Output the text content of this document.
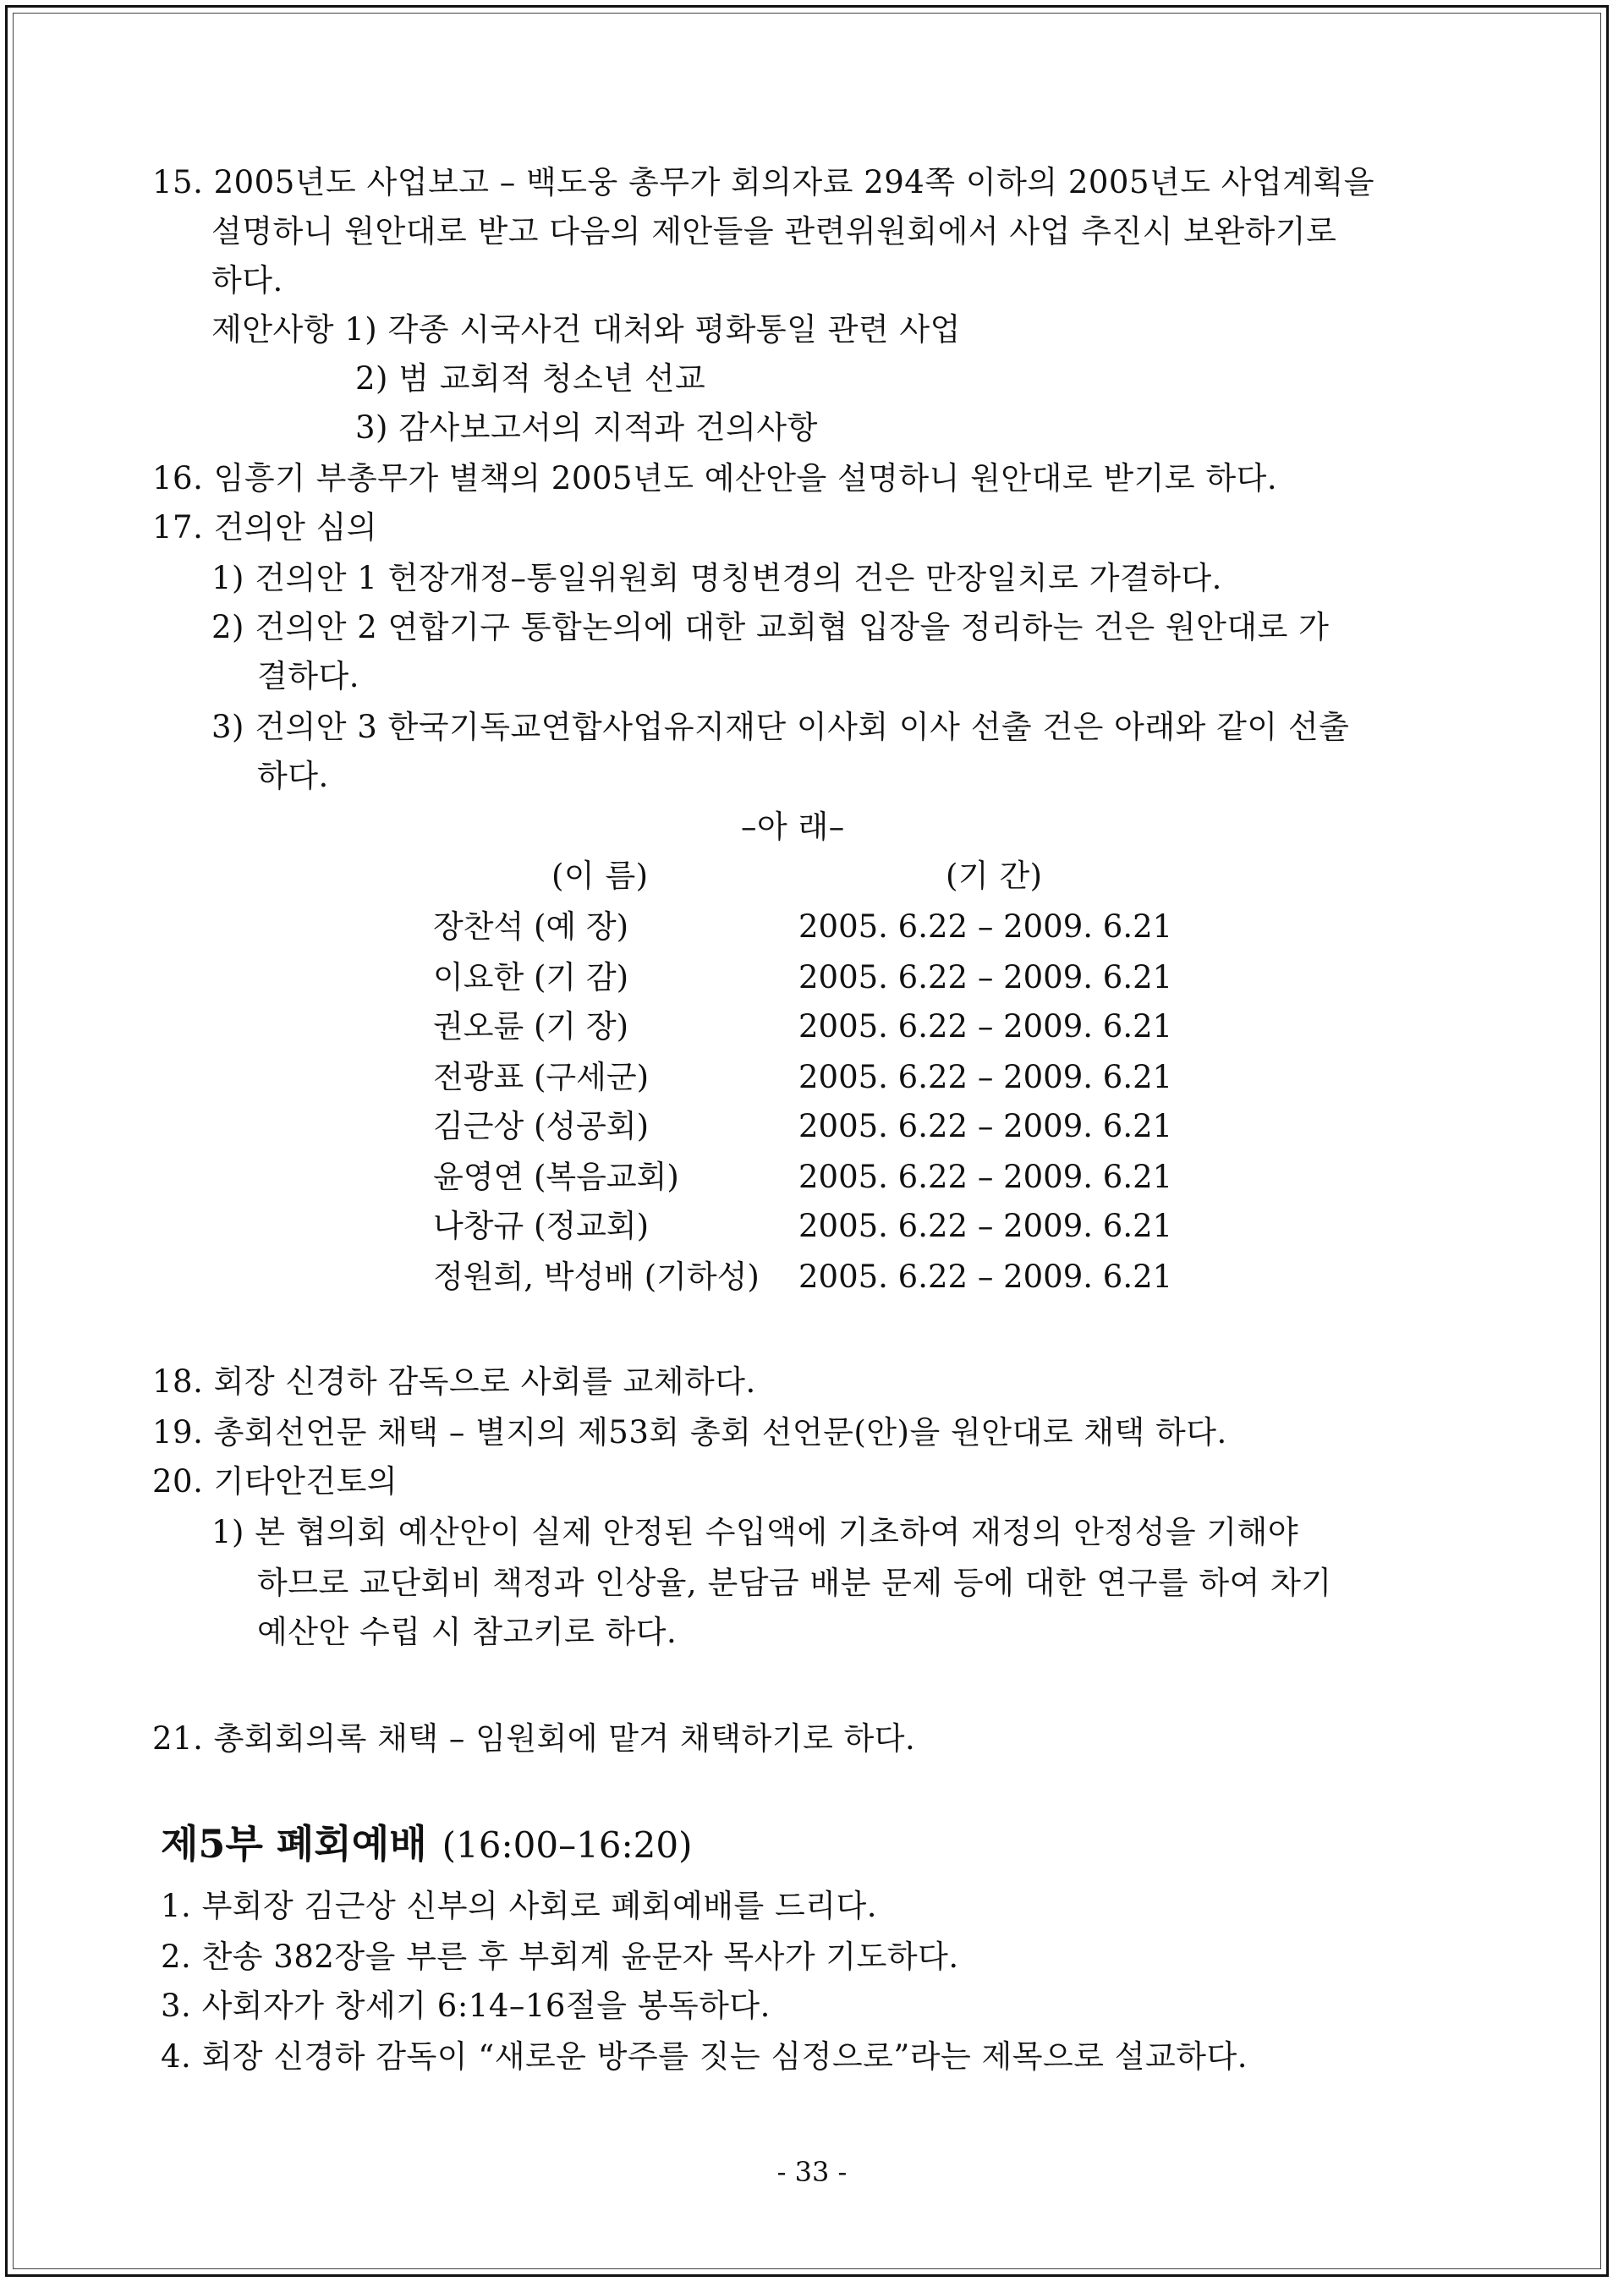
15. 2005년도 사업보고 – 백도웅 총무가 회의자료 294쪽 이하의 2005년도 사업계획을
설명하니 원안대로 받고 다음의 제안들을 관련위원회에서 사업 추진시 보완하기로
하다.
제안사항 1) 각종 시국사건 대처와 평화통일 관련 사업
2) 범 교회적 청소년 선교
3) 감사보고서의 지적과 건의사항
16. 임흥기 부총무가 별책의 2005년도 예산안을 설명하니 원안대로 받기로 하다.
17. 건의안 심의
1) 건의안 1 헌장개정–통일위원회 명칭변경의 건은 만장일치로 가결하다.
2) 건의안 2 연합기구 통합논의에 대한 교회협 입장을 정리하는 건은 원안대로 가
결하다.
3) 건의안 3 한국기독교연합사업유지재단 이사회 이사 선출 건은 아래와 같이 선출
하다.
–아 래–
(이 름)	(기 간)
장찬석 (예 장)	2005. 6.22 – 2009. 6.21
이요한 (기 감)	2005. 6.22 – 2009. 6.21
권오륜 (기 장)	2005. 6.22 – 2009. 6.21
전광표 (구세군)	2005. 6.22 – 2009. 6.21
김근상 (성공회)	2005. 6.22 – 2009. 6.21
윤영연 (복음교회)	2005. 6.22 – 2009. 6.21
나창규 (정교회)	2005. 6.22 – 2009. 6.21
정원희, 박성배 (기하성) 2005. 6.22 – 2009. 6.21
18. 회장 신경하 감독으로 사회를 교체하다.
19. 총회선언문 채택 – 별지의 제53회 총회 선언문(안)을 원안대로 채택 하다.
20. 기타안건토의
1) 본 협의회 예산안이 실제 안정된 수입액에 기초하여 재정의 안정성을 기해야
하므로 교단회비 책정과 인상율, 분담금 배분 문제 등에 대한 연구를 하여 차기
예산안 수립 시 참고키로 하다.
21. 총회회의록 채택 – 임원회에 맡겨 채택하기로 하다.
제5부 폐회예배 (16:00–16:20)
1. 부회장 김근상 신부의 사회로 폐회예배를 드리다.
2. 찬송 382장을 부른 후 부회계 윤문자 목사가 기도하다.
3. 사회자가 창세기 6:14–16절을 봉독하다.
4. 회장 신경하 감독이 “새로운 방주를 짓는 심정으로”라는 제목으로 설교하다.
- 33 -
